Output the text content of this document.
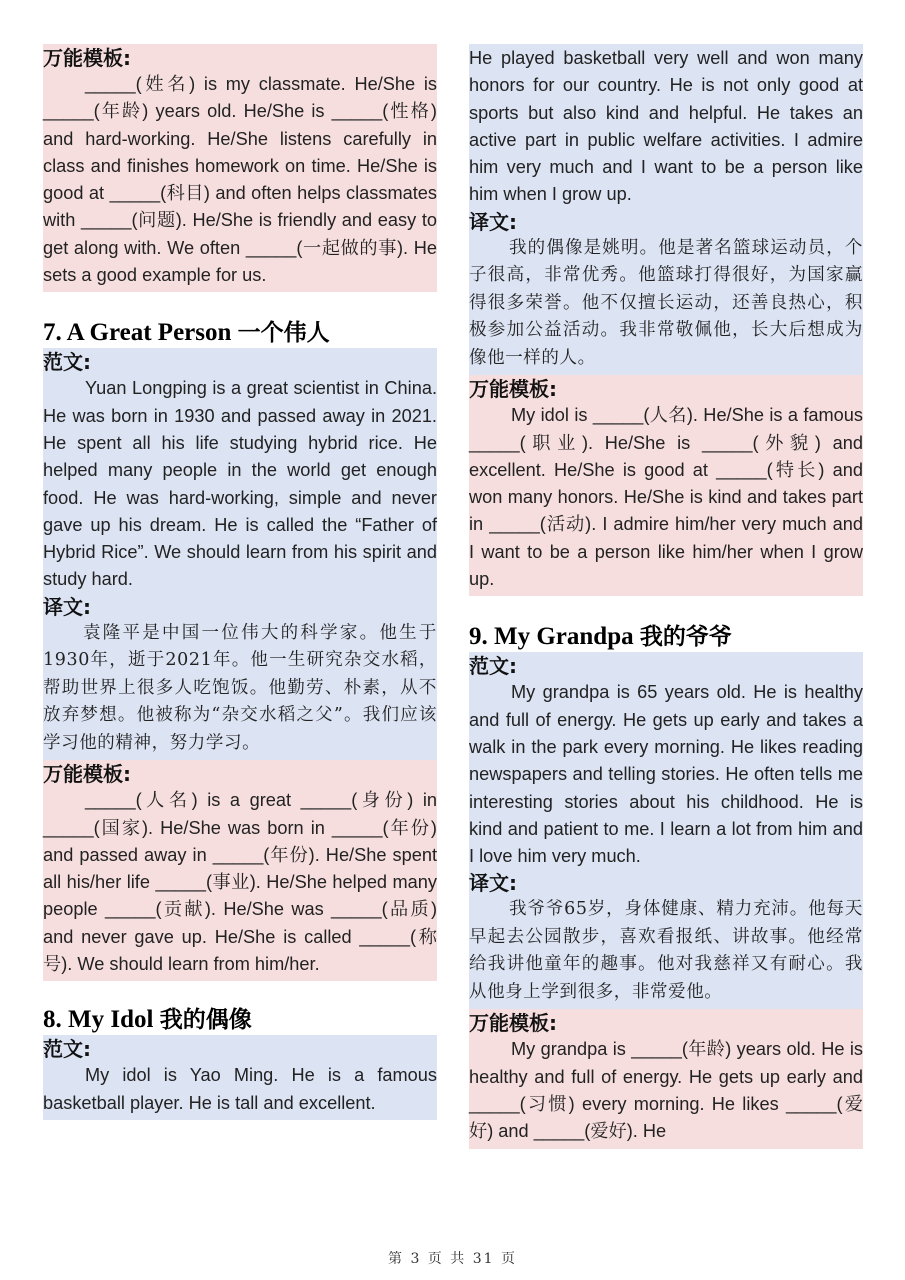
万能模板:

_____(姓名) is my classmate. He/She is _____(年龄) years old. He/She is _____(性格) and hard-working. He/She listens carefully in class and finishes homework on time. He/She is good at _____(科目) and often helps classmates with _____(问题). He/She is friendly and easy to get along with. We often _____(一起做的事). He sets a good example for us.

7. A Great Person 一个伟人
范文:

Yuan Longping is a great scientist in China. He was born in 1930 and passed away in 2021. He spent all his life studying hybrid rice. He helped many people in the world get enough food. He was hard-working, simple and never gave up his dream. He is called the “Father of Hybrid Rice”. We should learn from his spirit and study hard.

译文:

袁隆平是中国一位伟大的科学家。他生于1930年，逝于2021年。他一生研究杂交水稻，帮助世界上很多人吃饱饭。他勤劳、朴素，从不放弃梦想。他被称为“杂交水稻之父”。我们应该学习他的精神，努力学习。

万能模板:

_____(人名) is a great _____(身份) in _____(国家). He/She was born in _____(年份) and passed away in _____(年份). He/She spent all his/her life _____(事业). He/She helped many people _____(贡献). He/She was _____(品质) and never gave up. He/She is called _____(称号). We should learn from him/her.

8. My Idol 我的偶像
范文:

My idol is Yao Ming. He is a famous basketball player. He is tall and excellent.

He played basketball very well and won many honors for our country. He is not only good at sports but also kind and helpful. He takes an active part in public welfare activities. I admire him very much and I want to be a person like him when I grow up.

译文:

我的偶像是姚明。他是著名篮球运动员，个子很高，非常优秀。他篮球打得很好，为国家赢得很多荣誉。他不仅擅长运动，还善良热心，积极参加公益活动。我非常敬佩他，长大后想成为像他一样的人。

万能模板:

My idol is _____(人名). He/She is a famous _____(职业). He/She is _____(外貌) and excellent. He/She is good at _____(特长) and won many honors. He/She is kind and takes part in _____(活动). I admire him/her very much and I want to be a person like him/her when I grow up.

9. My Grandpa 我的爷爷
范文:

My grandpa is 65 years old. He is healthy and full of energy. He gets up early and takes a walk in the park every morning. He likes reading newspapers and telling stories. He often tells me interesting stories about his childhood. He is kind and patient to me. I learn a lot from him and I love him very much.

译文:

我爷爷65岁，身体健康、精力充沛。他每天早起去公园散步，喜欢看报纸、讲故事。他经常给我讲他童年的趣事。他对我慈祥又有耐心。我从他身上学到很多，非常爱他。

万能模板:

My grandpa is _____(年龄) years old. He is healthy and full of energy. He gets up early and _____(习惯) every morning. He likes _____(爱好) and _____(爱好). He

第 3 页 共 31 页
